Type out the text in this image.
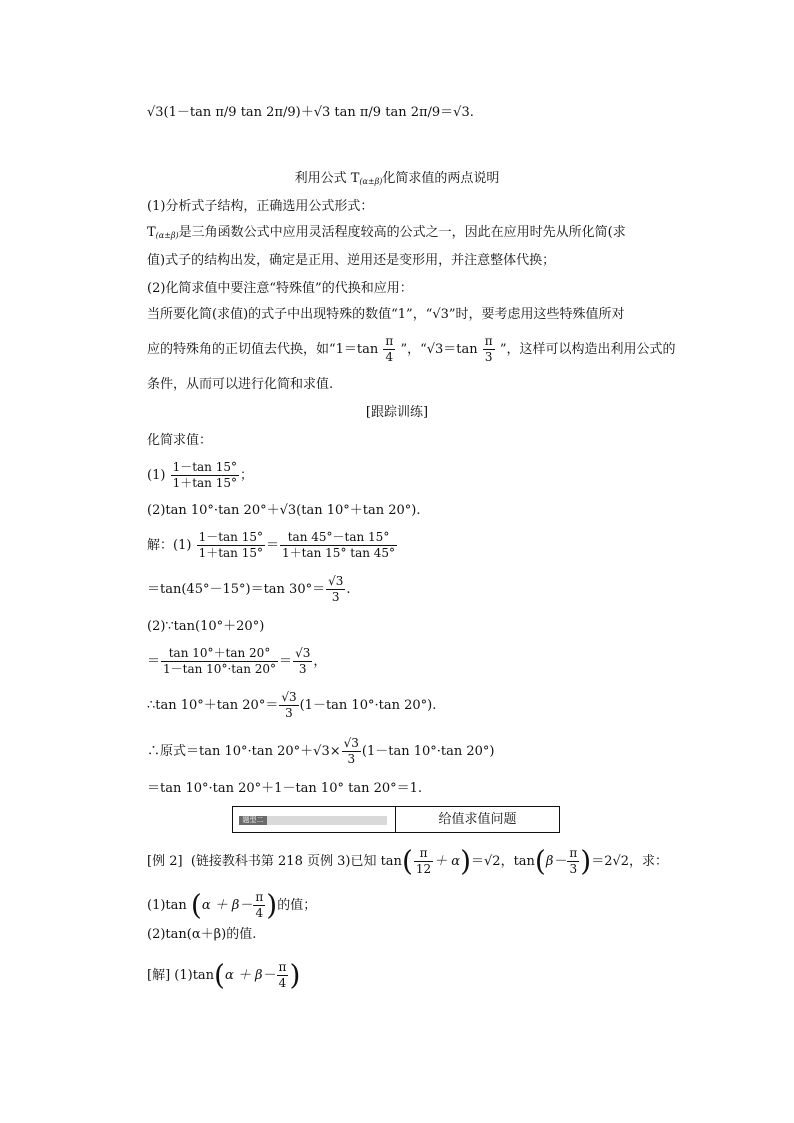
√3(1－tan π/9 tan 2π/9)＋√3 tan π/9 tan 2π/9＝√3.
利用公式 $T_{(\alpha\pm\beta)}$化简求值的两点说明
(1)分析式子结构，正确选用公式形式：
$T_{(\alpha\pm\beta)}$是三角函数公式中应用灵活程度较高的公式之一，因此在应用时先从所化简(求
值)式子的结构出发，确定是正用、逆用还是变形用，并注意整体代换；
(2)化简求值中要注意“特殊值”的代换和应用：
当所要化简(求值)的式子中出现特殊的数值“1”，“√3”时，要考虑用这些特殊值所对
应的特殊角的正切值去代换，如“$1=\tan \frac{\pi}{4}$ ”，“$√3=\tan \frac{\pi}{3}$ ”，这样可以构造出利用公式的
条件，从而可以进行化简和求值.
[跟踪训练]
化简求值：
$(1) \frac{1-\tan 15^\circ}{1+\tan 15^\circ}$ ；
(2)tan 10°·tan 20°＋√3(tan 10°＋tan 20°).
解：$(1) \frac{1-\tan 15^\circ}{1+\tan 15^\circ} = \frac{\tan 45^\circ-\tan 15^\circ}{1+\tan 15^\circ \tan 45^\circ}$
＝tan(45°－15°)＝tan $30^\circ= \frac{√3}{3}$ .
(2)∵tan(10°＋20°)
＝ $\frac{\tan 10^\circ+\tan 20^\circ}{1-\tan 10^\circ\cdot\tan 20^\circ} = \frac{√3}{3}$ ，
∴tan 10°＋tan $20^\circ= \frac{√3}{3} (1-\tan$ 10°·tan 20°).
∴原式＝tan 10°·tan $20^\circ+√3\times \frac{√3}{3} (1-\tan$ 10°·tan 20°)
＝tan 10°·tan 20°＋1－tan 10° tan 20°＝1.
题型二	给值求值问题
[例 2] (链接教科书第 218 页例 3)已知 $\tan( \frac{\pi}{12} + \alpha)=√2$，$\tan(\beta- \frac{\pi}{3} )=2√2$，求：
(1)tan ($\alpha + \beta- \frac{\pi}{4}$ )的值；
(2)tan(α＋β)的值.
[解] $(1)\tan(\alpha + \beta- \frac{\pi}{4}$ )
